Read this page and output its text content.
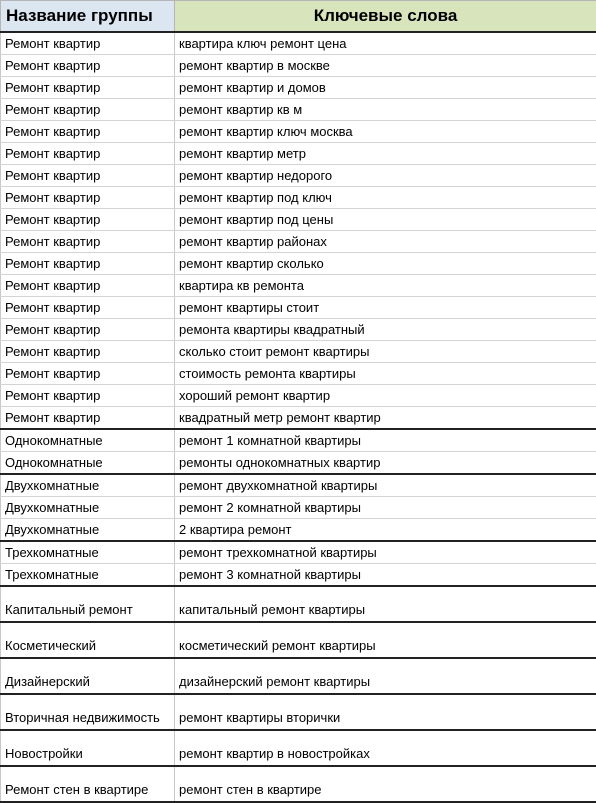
Название группы	Ключевые слова
Ремонт квартир	квартира ключ ремонт цена
Ремонт квартир	ремонт квартир в москве
Ремонт квартир	ремонт квартир и домов
Ремонт квартир	ремонт квартир кв м
Ремонт квартир	ремонт квартир ключ москва
Ремонт квартир	ремонт квартир метр
Ремонт квартир	ремонт квартир недорого
Ремонт квартир	ремонт квартир под ключ
Ремонт квартир	ремонт квартир под цены
Ремонт квартир	ремонт квартир районах
Ремонт квартир	ремонт квартир сколько
Ремонт квартир	квартира кв ремонта
Ремонт квартир	ремонт квартиры стоит
Ремонт квартир	ремонта квартиры квадратный
Ремонт квартир	сколько стоит ремонт квартиры
Ремонт квартир	стоимость ремонта квартиры
Ремонт квартир	хороший ремонт квартир
Ремонт квартир	квадратный метр ремонт квартир
Однокомнатные	ремонт 1 комнатной квартиры
Однокомнатные	ремонты однокомнатных квартир
Двухкомнатные	ремонт двухкомнатной квартиры
Двухкомнатные	ремонт 2 комнатной квартиры
Двухкомнатные	2 квартира ремонт
Трехкомнатные	ремонт трехкомнатной квартиры
Трехкомнатные	ремонт 3 комнатной квартиры
Капитальный ремонт	капитальный ремонт квартиры
Косметический	косметический ремонт квартиры
Дизайнерский	дизайнерский ремонт квартиры
Вторичная недвижимость	ремонт квартиры вторички
Новостройки	ремонт квартир в новостройках
Ремонт стен в квартире	ремонт стен в квартире
